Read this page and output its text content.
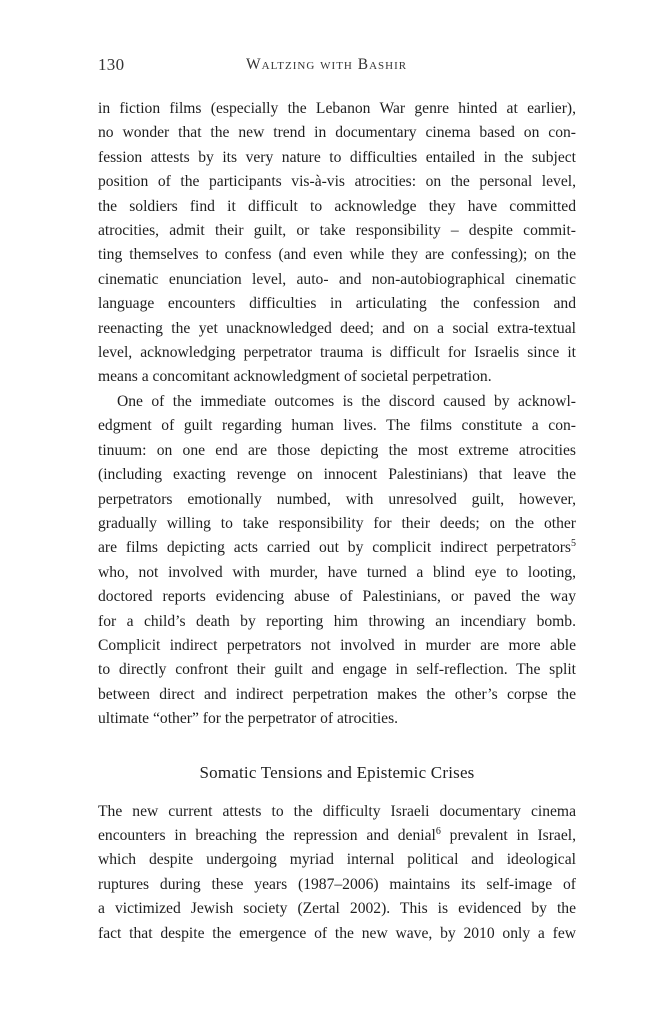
130	Waltzing with Bashir

in fiction films (especially the Lebanon War genre hinted at earlier),
no wonder that the new trend in documentary cinema based on con-
fession attests by its very nature to difficulties entailed in the subject
position of the participants vis-à-vis atrocities: on the personal level,
the soldiers find it difficult to acknowledge they have committed
atrocities, admit their guilt, or take responsibility – despite commit-
ting themselves to confess (and even while they are confessing); on the
cinematic enunciation level, auto- and non-autobiographical cinematic
language encounters difficulties in articulating the confession and
reenacting the yet unacknowledged deed; and on a social extra-textual
level, acknowledging perpetrator trauma is difficult for Israelis since it
means a concomitant acknowledgment of societal perpetration.

One of the immediate outcomes is the discord caused by acknowl-
edgment of guilt regarding human lives. The films constitute a con-
tinuum: on one end are those depicting the most extreme atrocities
(including exacting revenge on innocent Palestinians) that leave the
perpetrators emotionally numbed, with unresolved guilt, however,
gradually willing to take responsibility for their deeds; on the other
are films depicting acts carried out by complicit indirect perpetrators$^5$
who, not involved with murder, have turned a blind eye to looting,
doctored reports evidencing abuse of Palestinians, or paved the way
for a child’s death by reporting him throwing an incendiary bomb.
Complicit indirect perpetrators not involved in murder are more able
to directly confront their guilt and engage in self-reflection. The split
between direct and indirect perpetration makes the other’s corpse the
ultimate “other” for the perpetrator of atrocities.

Somatic Tensions and Epistemic Crises

The new current attests to the difficulty Israeli documentary cinema
encounters in breaching the repression and denial$^6$ prevalent in Israel,
which despite undergoing myriad internal political and ideological
ruptures during these years (1987–2006) maintains its self-image of
a victimized Jewish society (Zertal 2002). This is evidenced by the
fact that despite the emergence of the new wave, by 2010 only a few
